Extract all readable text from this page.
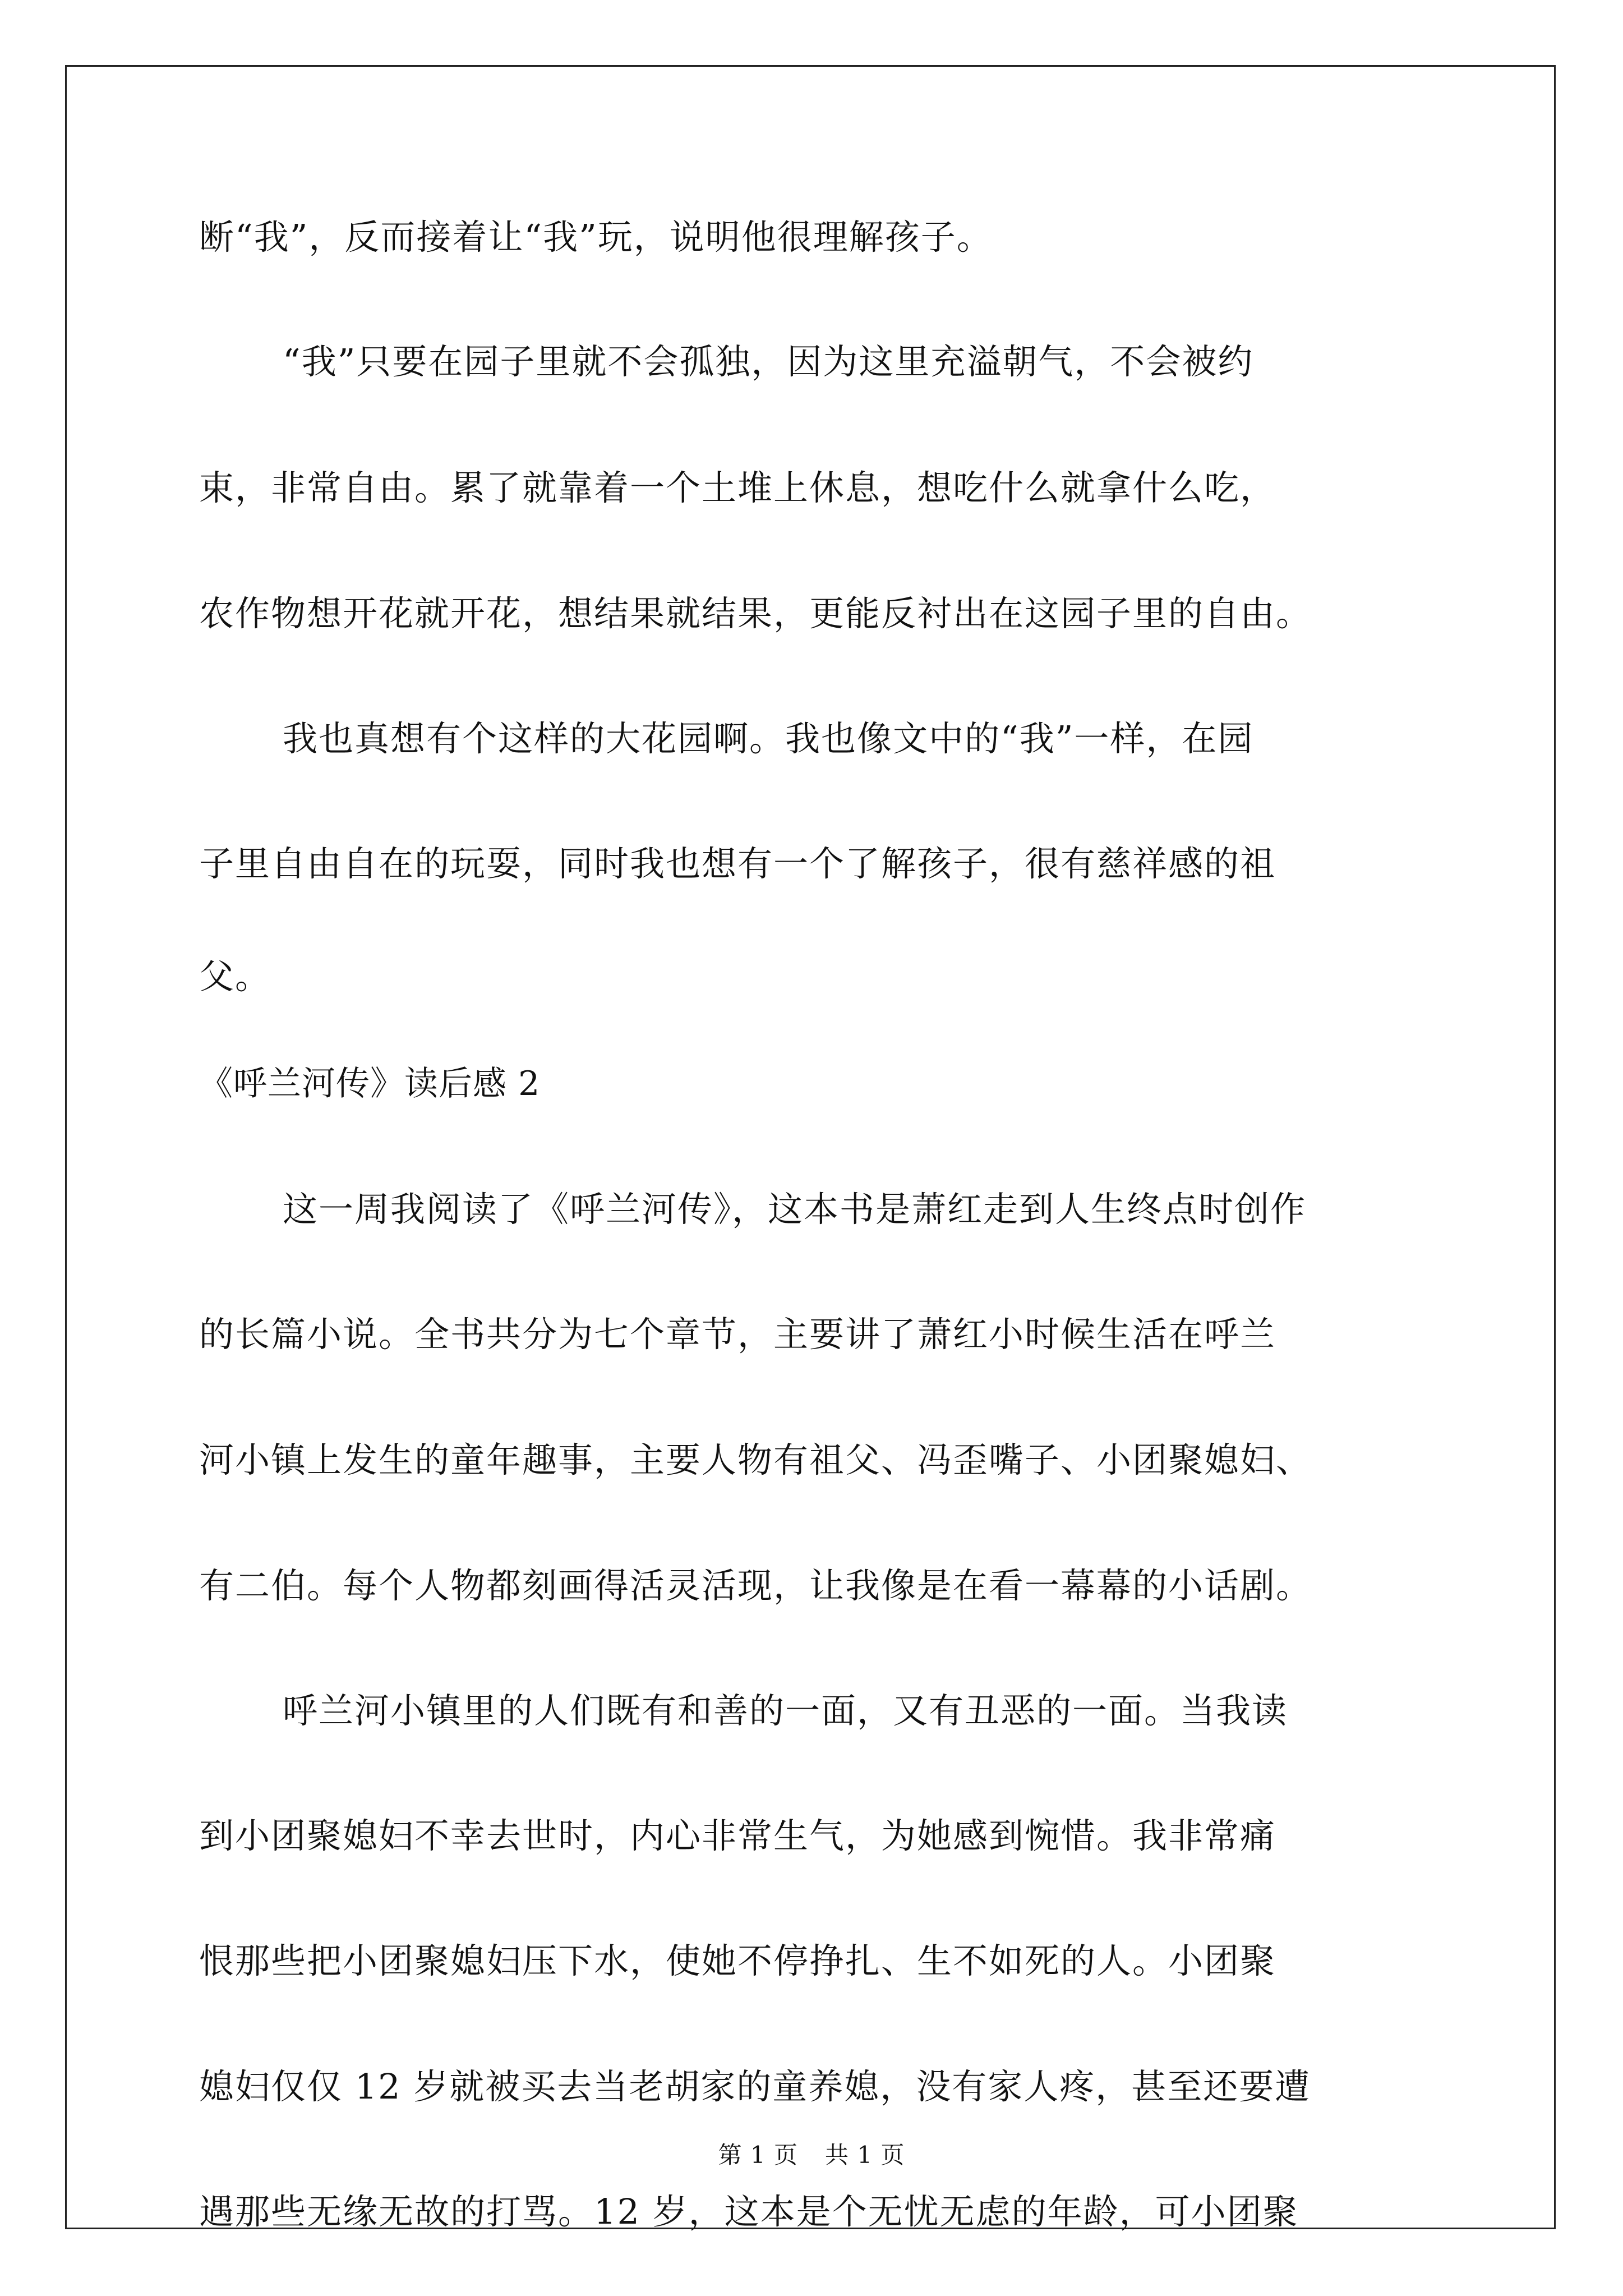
断“我”，反而接着让“我”玩，说明他很理解孩子。
“我”只要在园子里就不会孤独，因为这里充溢朝气，不会被约
束，非常自由。累了就靠着一个土堆上休息，想吃什么就拿什么吃，
农作物想开花就开花，想结果就结果，更能反衬出在这园子里的自由。
我也真想有个这样的大花园啊。我也像文中的“我”一样，在园
子里自由自在的玩耍，同时我也想有一个了解孩子，很有慈祥感的祖
父。
《呼兰河传》读后感 2
这一周我阅读了《呼兰河传》，这本书是萧红走到人生终点时创作
的长篇小说。全书共分为七个章节，主要讲了萧红小时候生活在呼兰
河小镇上发生的童年趣事，主要人物有祖父、冯歪嘴子、小团聚媳妇、
有二伯。每个人物都刻画得活灵活现，让我像是在看一幕幕的小话剧。
呼兰河小镇里的人们既有和善的一面，又有丑恶的一面。当我读
到小团聚媳妇不幸去世时，内心非常生气，为她感到惋惜。我非常痛
恨那些把小团聚媳妇压下水，使她不停挣扎、生不如死的人。小团聚
媳妇仅仅 12 岁就被买去当老胡家的童养媳，没有家人疼，甚至还要遭
遇那些无缘无故的打骂。12 岁，这本是个无忧无虑的年龄，可小团聚
第 1 页 共 1 页
